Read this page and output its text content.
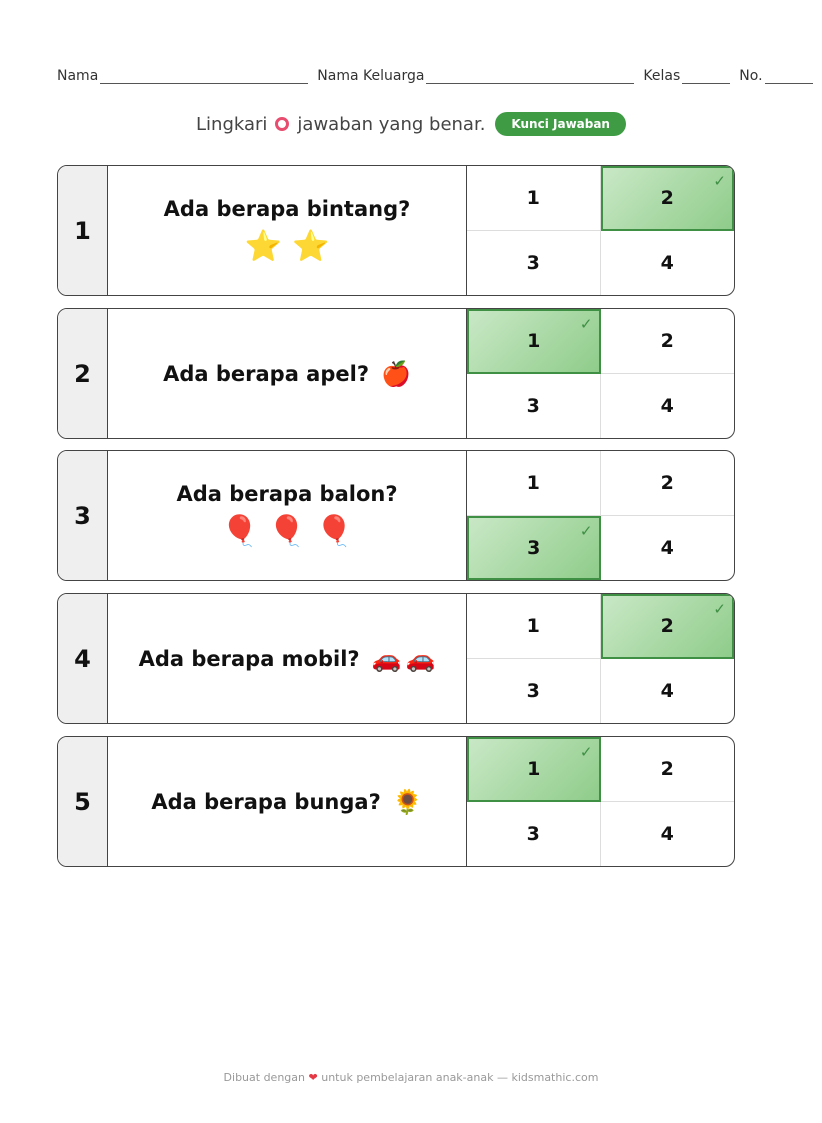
Nama	Nama Keluarga	Kelas	No.
Lingkari jawaban yang benar.	Kunci Jawaban
1
Ada berapa bintang?
⭐ ⭐
1	2
✓
3	4
2	Ada berapa apel? 🍎
1
✓
2
3	4
3
Ada berapa balon?
🎈 🎈 🎈
1	2
3
✓
4
4	Ada berapa mobil? 🚗 🚗
1	2
✓
3	4
5	Ada berapa bunga? 🌻
1
✓
2
3	4
Dibuat dengan ❤ untuk pembelajaran anak-anak — kidsmathic.com
